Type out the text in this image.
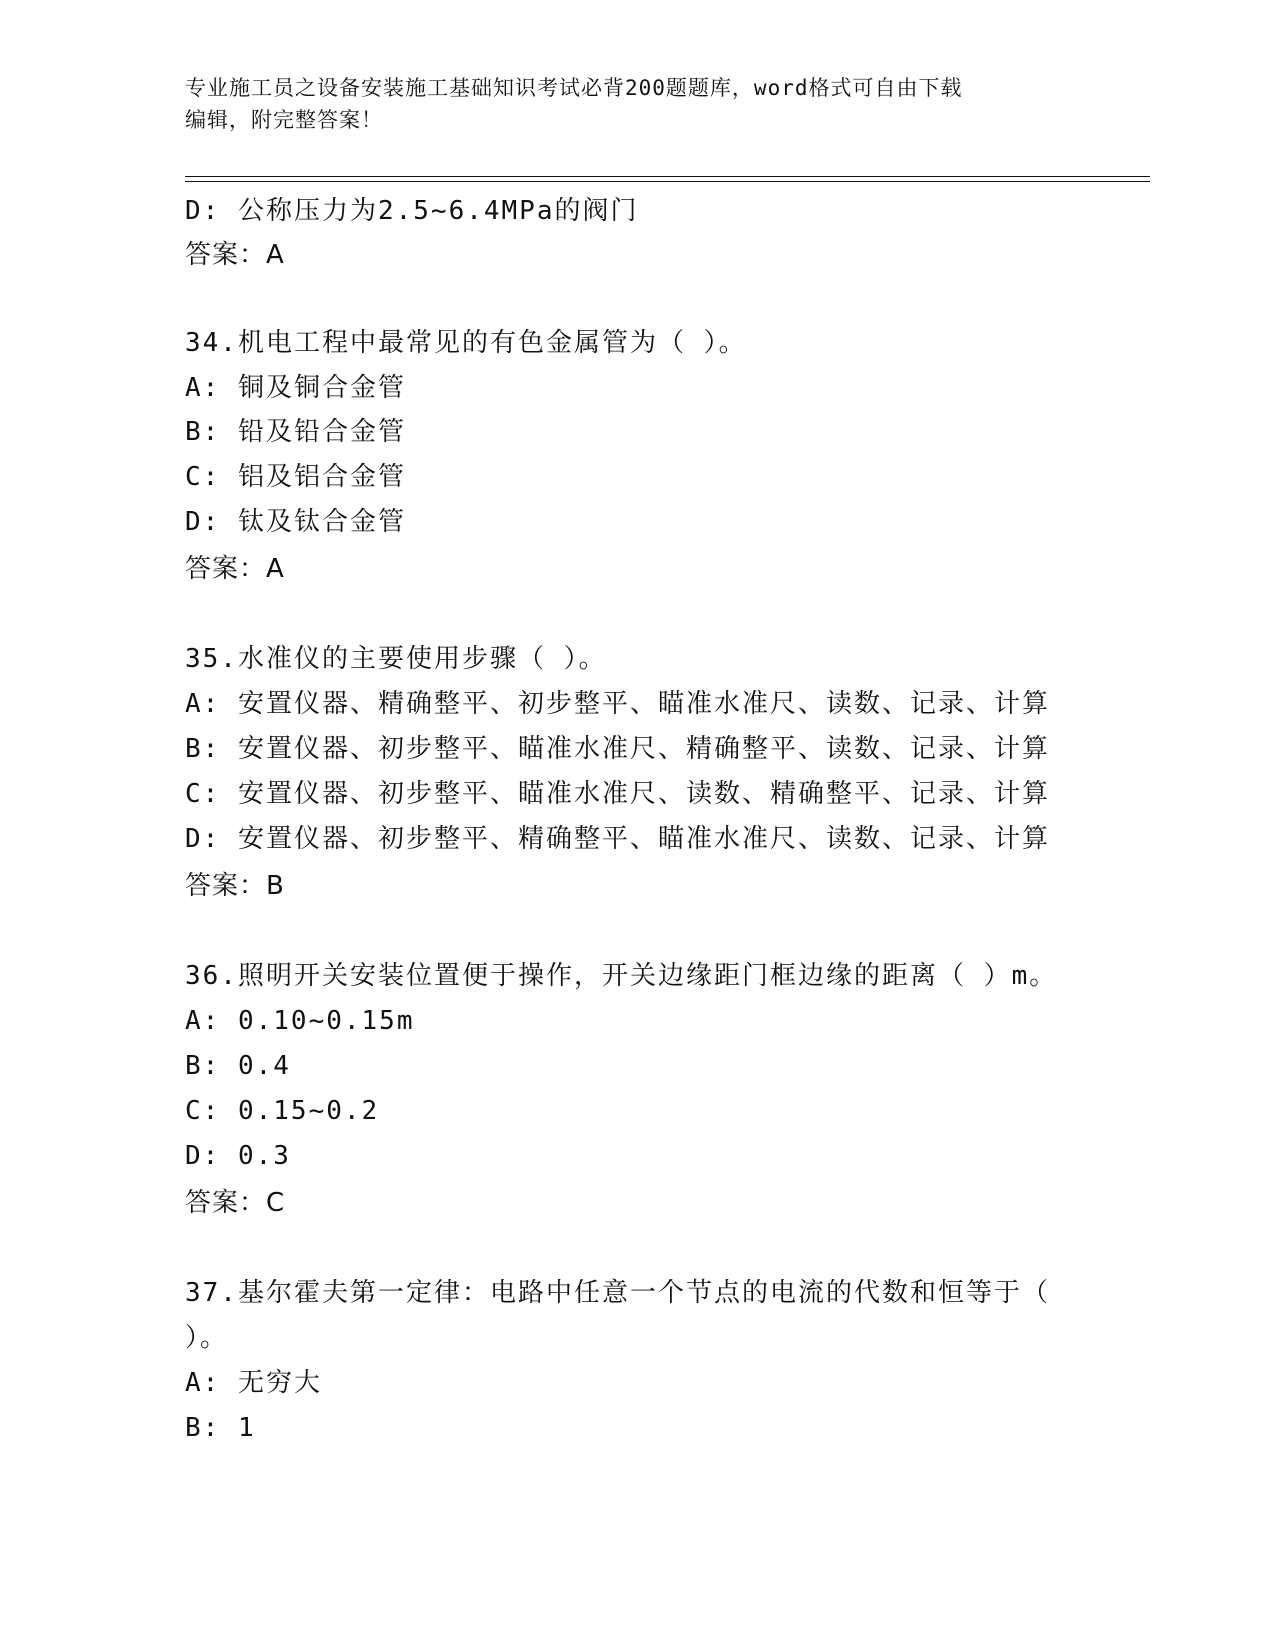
专业施工员之设备安装施工基础知识考试必背200题题库，word格式可自由下载
编辑，附完整答案！
D: 公称压力为2.5~6.4MPa的阀门
答案：A
34.机电工程中最常见的有色金属管为（ ）。
A: 铜及铜合金管
B: 铅及铅合金管
C: 铝及铝合金管
D: 钛及钛合金管
答案：A
35.水准仪的主要使用步骤（ ）。
A: 安置仪器、精确整平、初步整平、瞄准水准尺、读数、记录、计算
B: 安置仪器、初步整平、瞄准水准尺、精确整平、读数、记录、计算
C: 安置仪器、初步整平、瞄准水准尺、读数、精确整平、记录、计算
D: 安置仪器、初步整平、精确整平、瞄准水准尺、读数、记录、计算
答案：B
36.照明开关安装位置便于操作，开关边缘距门框边缘的距离（ ）m。
A: 0.10~0.15m
B: 0.4
C: 0.15~0.2
D: 0.3
答案：C
37.基尔霍夫第一定律：电路中任意一个节点的电流的代数和恒等于（
）。
A: 无穷大
B: 1
